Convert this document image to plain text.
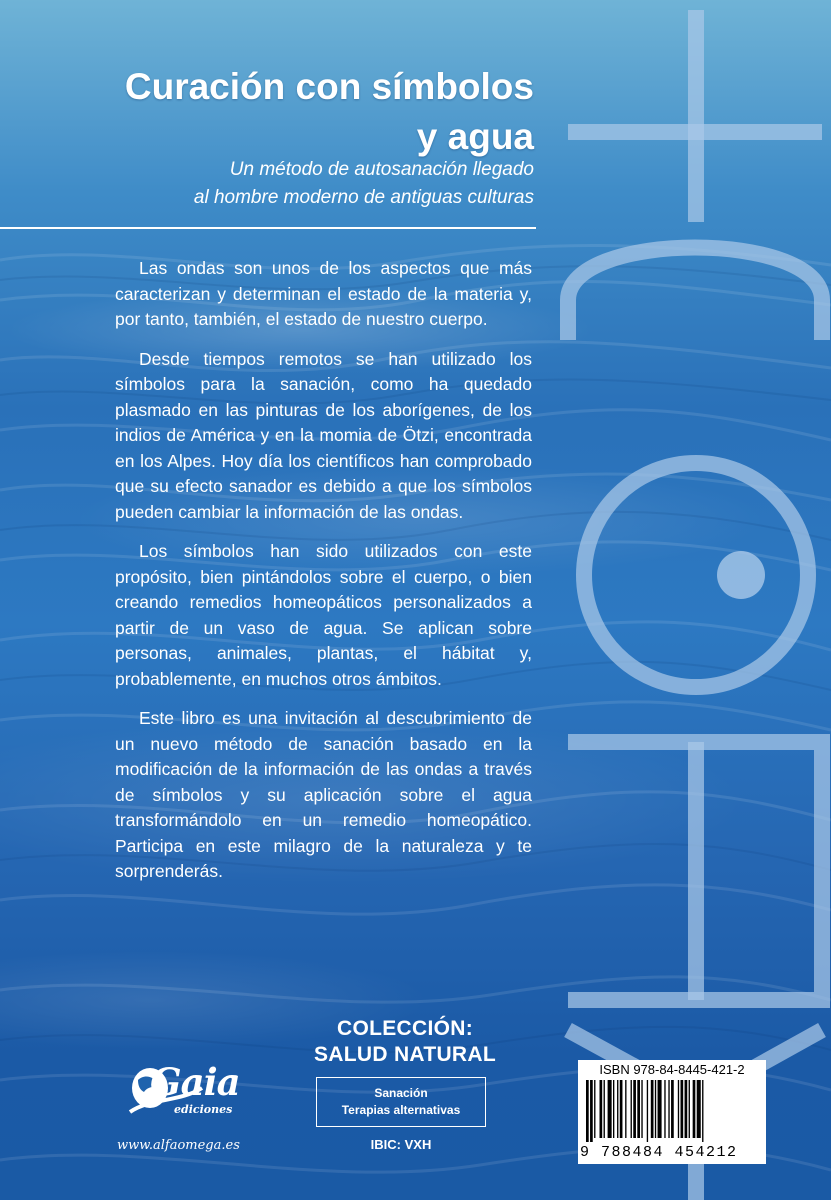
Curación con símbolos
y agua

Un método de autosanación llegado
al hombre moderno de antiguas culturas

Las ondas son unos de los aspectos que más caracterizan y determinan el estado de la materia y, por tanto, también, el estado de nuestro cuerpo.

Desde tiempos remotos se han utilizado los símbolos para la sanación, como ha quedado plasmado en las pinturas de los aborígenes, de los indios de América y en la momia de Ötzi, encontrada en los Alpes. Hoy día los científicos han comprobado que su efecto sanador es debido a que los símbolos pueden cambiar la información de las ondas.

Los símbolos han sido utilizados con este propósito, bien pintándolos sobre el cuerpo, o bien creando remedios homeopáticos personalizados a partir de un vaso de agua. Se aplican sobre personas, animales, plantas, el hábitat y, probablemente, en muchos otros ámbitos.

Este libro es una invitación al descubrimiento de un nuevo método de sanación basado en la modificación de la información de las ondas a través de símbolos y su aplicación sobre el agua transformándolo en un remedio homeopático. Participa en este milagro de la naturaleza y te sorprenderás.

Gaia
ediciones
www.alfaomega.es
COLECCIÓN:
SALUD NATURAL
Sanación
Terapias alternativas
IBIC: VXH
ISBN 978-84-8445-421-2
9 788484 454212
